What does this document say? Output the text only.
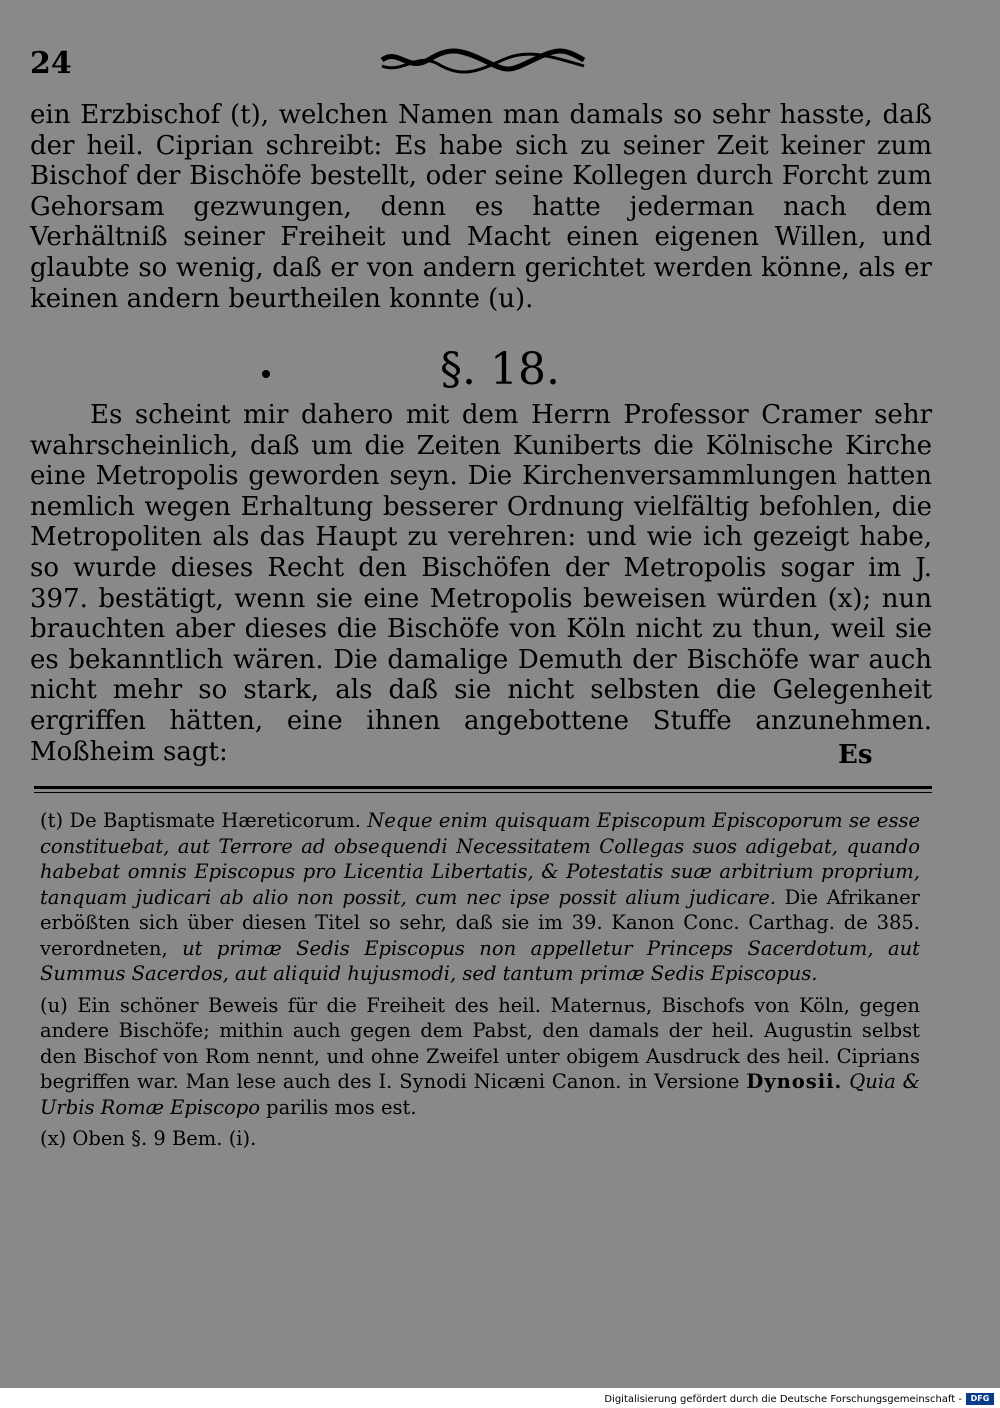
24

ein Erzbischof (t), welchen Namen man damals so sehr hasste, daß der heil. Ciprian schreibt: Es habe sich zu seiner Zeit keiner zum Bischof der Bischöfe bestellt, oder seine Kollegen durch Forcht zum Gehorsam gezwungen, denn es hatte jederman nach dem Verhältniß seiner Freiheit und Macht einen eigenen Willen, und glaubte so wenig, daß er von andern gerichtet werden könne, als er keinen andern beurtheilen konnte (u).

§. 18.

Es scheint mir dahero mit dem Herrn Professor Cramer sehr wahrscheinlich, daß um die Zeiten Kuniberts die Kölnische Kirche eine Metropolis geworden seyn. Die Kirchenversammlungen hatten nemlich wegen Erhaltung besserer Ordnung vielfältig befohlen, die Metropoliten als das Haupt zu verehren: und wie ich gezeigt habe, so wurde dieses Recht den Bischöfen der Metropolis sogar im J. 397. bestätigt, wenn sie eine Metropolis beweisen würden (x); nun brauchten aber dieses die Bischöfe von Köln nicht zu thun, weil sie es bekanntlich wären. Die damalige Demuth der Bischöfe war auch nicht mehr so stark, als daß sie nicht selbsten die Gelegenheit ergriffen hätten, eine ihnen angebottene Stuffe anzunehmen. Moßheim sagt:	Es

(t) De Baptismate Hæreticorum. Neque enim quisquam Episcopum Episcoporum se esse constituebat, aut Terrore ad obsequendi Necessitatem Collegas suos adigebat, quando habebat omnis Episcopus pro Licentia Libertatis, & Potestatis suæ arbitrium proprium, tanquam judicari ab alio non possit, cum nec ipse possit alium judicare. Die Afrikaner erbößten sich über diesen Titel so sehr, daß sie im 39. Kanon Conc. Carthag. de 385. verordneten, ut primæ Sedis Episcopus non appelletur Princeps Sacerdotum, aut Summus Sacerdos, aut aliquid hujusmodi, sed tantum primæ Sedis Episcopus.

(u) Ein schöner Beweis für die Freiheit des heil. Maternus, Bischofs von Köln, gegen andere Bischöfe; mithin auch gegen dem Pabst, den damals der heil. Augustin selbst den Bischof von Rom nennt, und ohne Zweifel unter obigem Ausdruck des heil. Ciprians begriffen war. Man lese auch des I. Synodi Nicæni Canon. in Versione Dynosii. Quia & Urbis Romæ Episcopo parilis mos est.

(x) Oben §. 9 Bem. (i).

Digitalisierung gefördert durch die Deutsche Forschungsgemeinschaft -	DFG
